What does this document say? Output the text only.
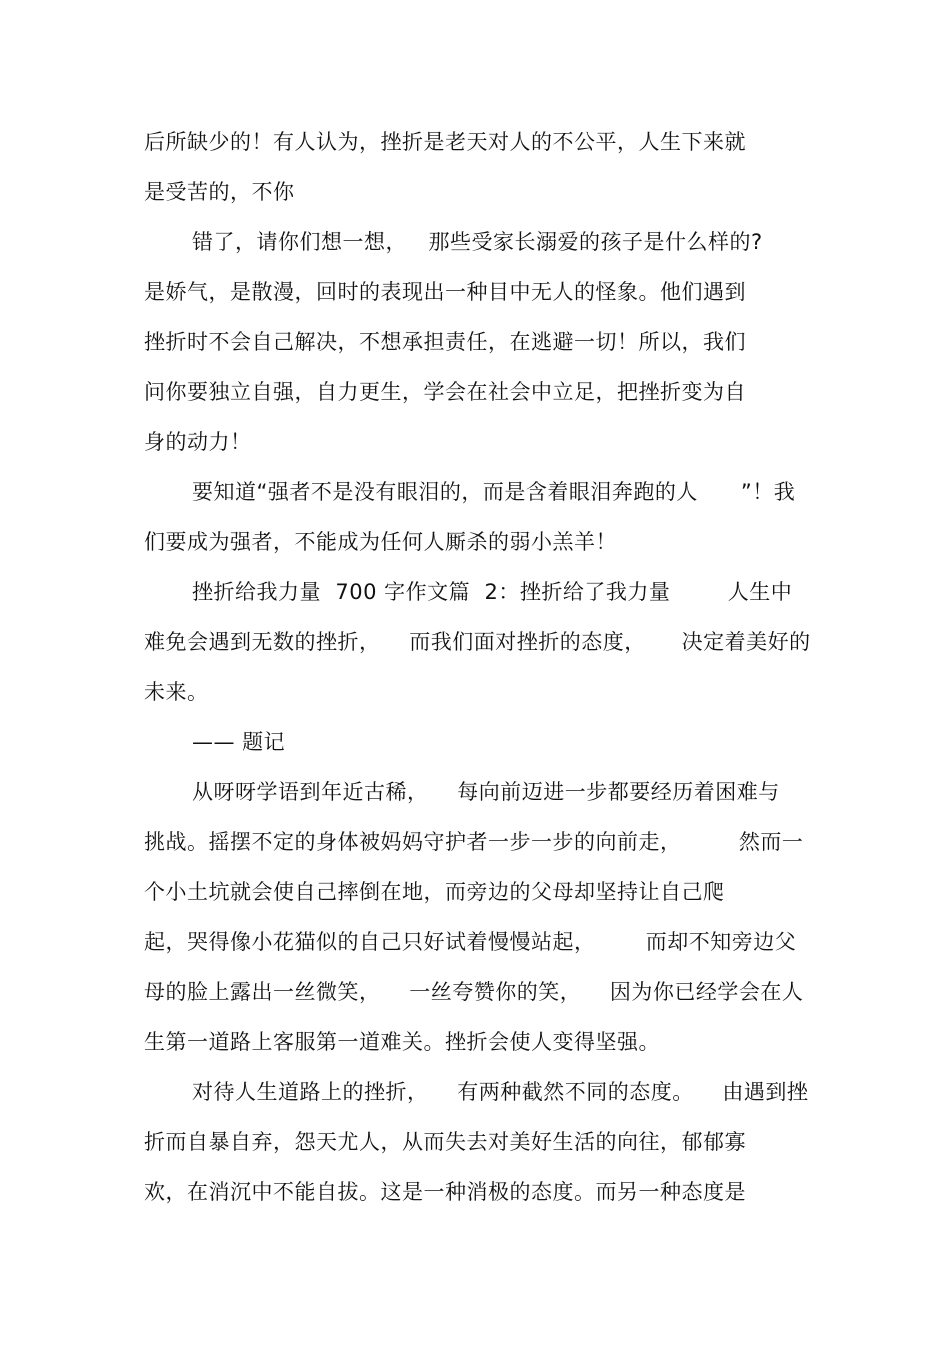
后所缺少的！有人认为，挫折是老天对人的不公平，人生下来就
是受苦的，不你
错了，请你们想一想，   那些受家长溺爱的孩子是什么样的?
是娇气，是散漫，回时的表现出一种目中无人的怪象。他们遇到
挫折时不会自己解决，不想承担责任，在逃避一切！所以，我们
问你要独立自强，自力更生，学会在社会中立足，把挫折变为自
身的动力！
要知道“强者不是没有眼泪的，而是含着眼泪奔跑的人      ”！我
们要成为强者，不能成为任何人厮杀的弱小羔羊！
挫折给我力量  700 字作文篇  2：挫折给了我力量        人生中
难免会遇到无数的挫折，    而我们面对挫折的态度，     决定着美好的
未来。
—— 题记
从呀呀学语到年近古稀，    每向前迈进一步都要经历着困难与
挑战。摇摆不定的身体被妈妈守护者一步一步的向前走，        然而一
个小土坑就会使自己摔倒在地，而旁边的父母却坚持让自己爬
起，哭得像小花猫似的自己只好试着慢慢站起，       而却不知旁边父
母的脸上露出一丝微笑，    一丝夸赞你的笑，    因为你已经学会在人
生第一道路上客服第一道难关。挫折会使人变得坚强。
对待人生道路上的挫折，    有两种截然不同的态度。    由遇到挫
折而自暴自弃，怨天尤人，从而失去对美好生活的向往，郁郁寡
欢，在消沉中不能自拔。这是一种消极的态度。而另一种态度是
